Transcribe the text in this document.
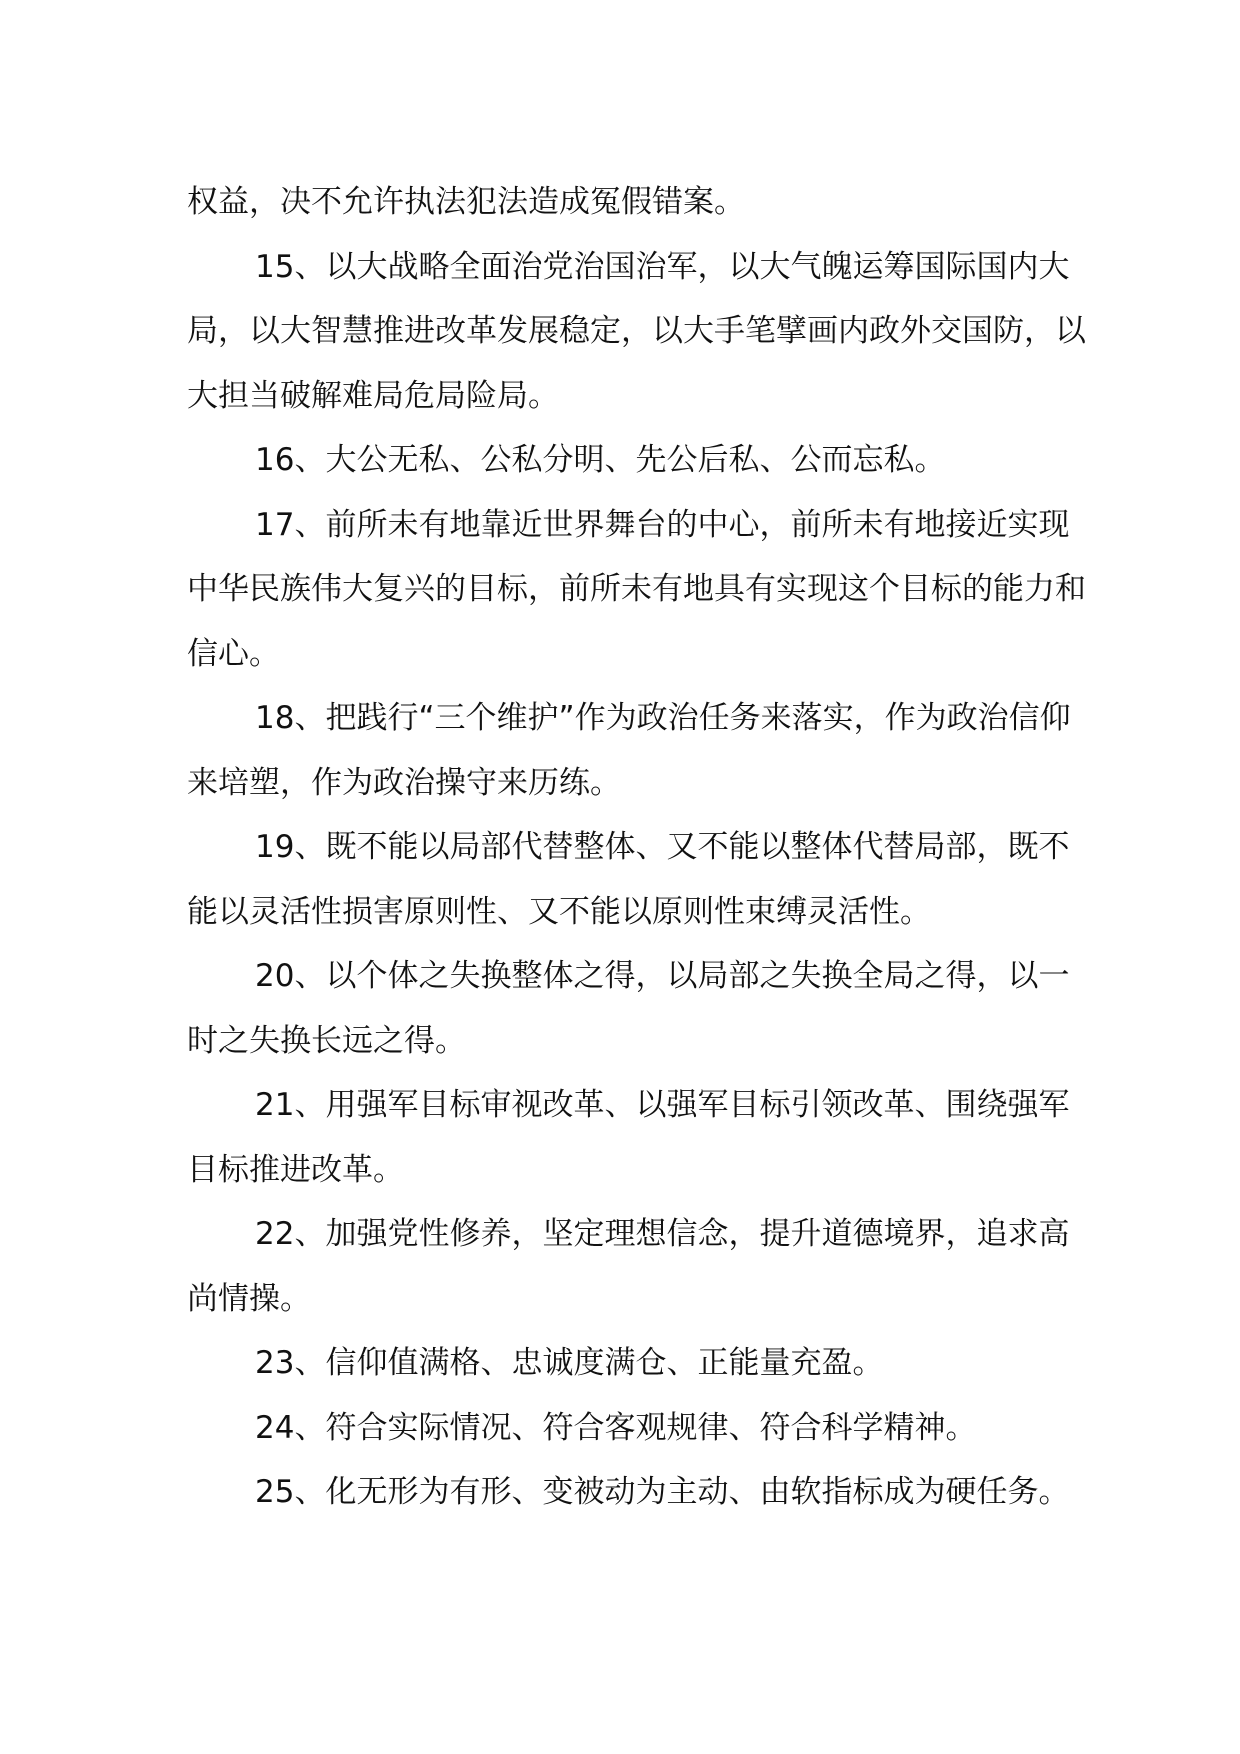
权益，决不允许执法犯法造成冤假错案。

15、以大战略全面治党治国治军，以大气魄运筹国际国内大局，以大智慧推进改革发展稳定，以大手笔擘画内政外交国防，以大担当破解难局危局险局。

16、大公无私、公私分明、先公后私、公而忘私。

17、前所未有地靠近世界舞台的中心，前所未有地接近实现中华民族伟大复兴的目标，前所未有地具有实现这个目标的能力和信心。

18、把践行“三个维护”作为政治任务来落实，作为政治信仰来培塑，作为政治操守来历练。

19、既不能以局部代替整体、又不能以整体代替局部，既不能以灵活性损害原则性、又不能以原则性束缚灵活性。

20、以个体之失换整体之得，以局部之失换全局之得，以一时之失换长远之得。

21、用强军目标审视改革、以强军目标引领改革、围绕强军目标推进改革。

22、加强党性修养，坚定理想信念，提升道德境界，追求高尚情操。

23、信仰值满格、忠诚度满仓、正能量充盈。

24、符合实际情况、符合客观规律、符合科学精神。

25、化无形为有形、变被动为主动、由软指标成为硬任务。
